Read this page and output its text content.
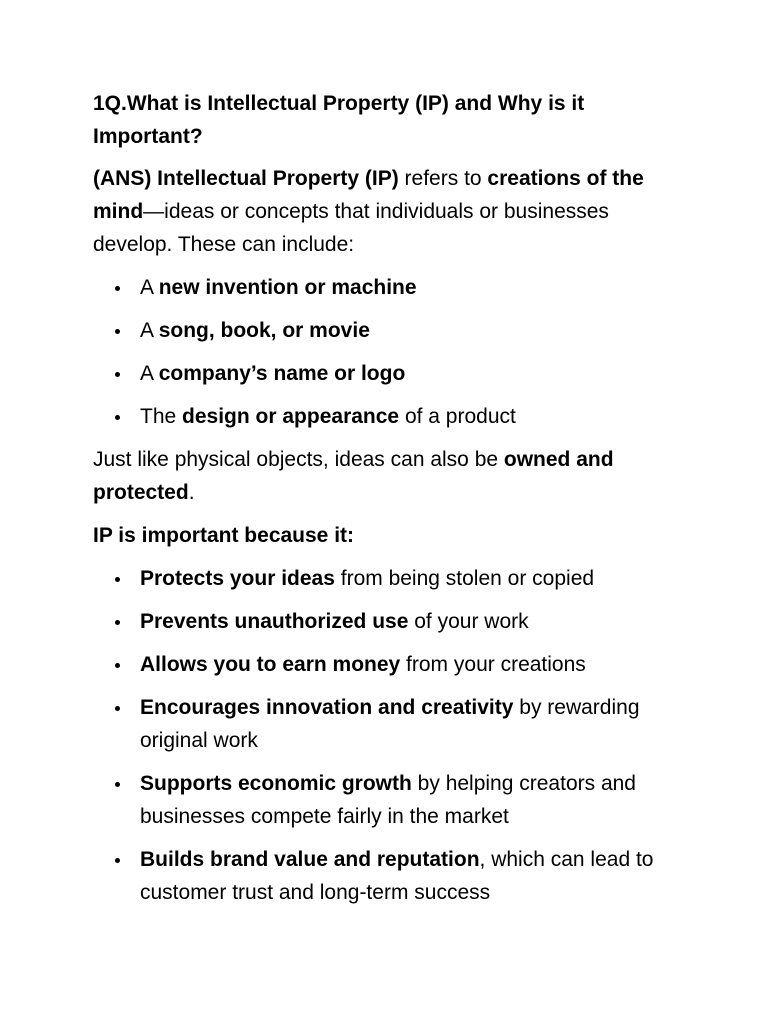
1Q.What is Intellectual Property (IP) and Why is it Important?

(ANS) Intellectual Property (IP) refers to creations of the mind—ideas or concepts that individuals or businesses develop. These can include:

A new invention or machine
A song, book, or movie
A company’s name or logo
The design or appearance of a product

Just like physical objects, ideas can also be owned and protected.

IP is important because it:

Protects your ideas from being stolen or copied
Prevents unauthorized use of your work
Allows you to earn money from your creations
Encourages innovation and creativity by rewarding original work
Supports economic growth by helping creators and businesses compete fairly in the market
Builds brand value and reputation, which can lead to customer trust and long-term success
